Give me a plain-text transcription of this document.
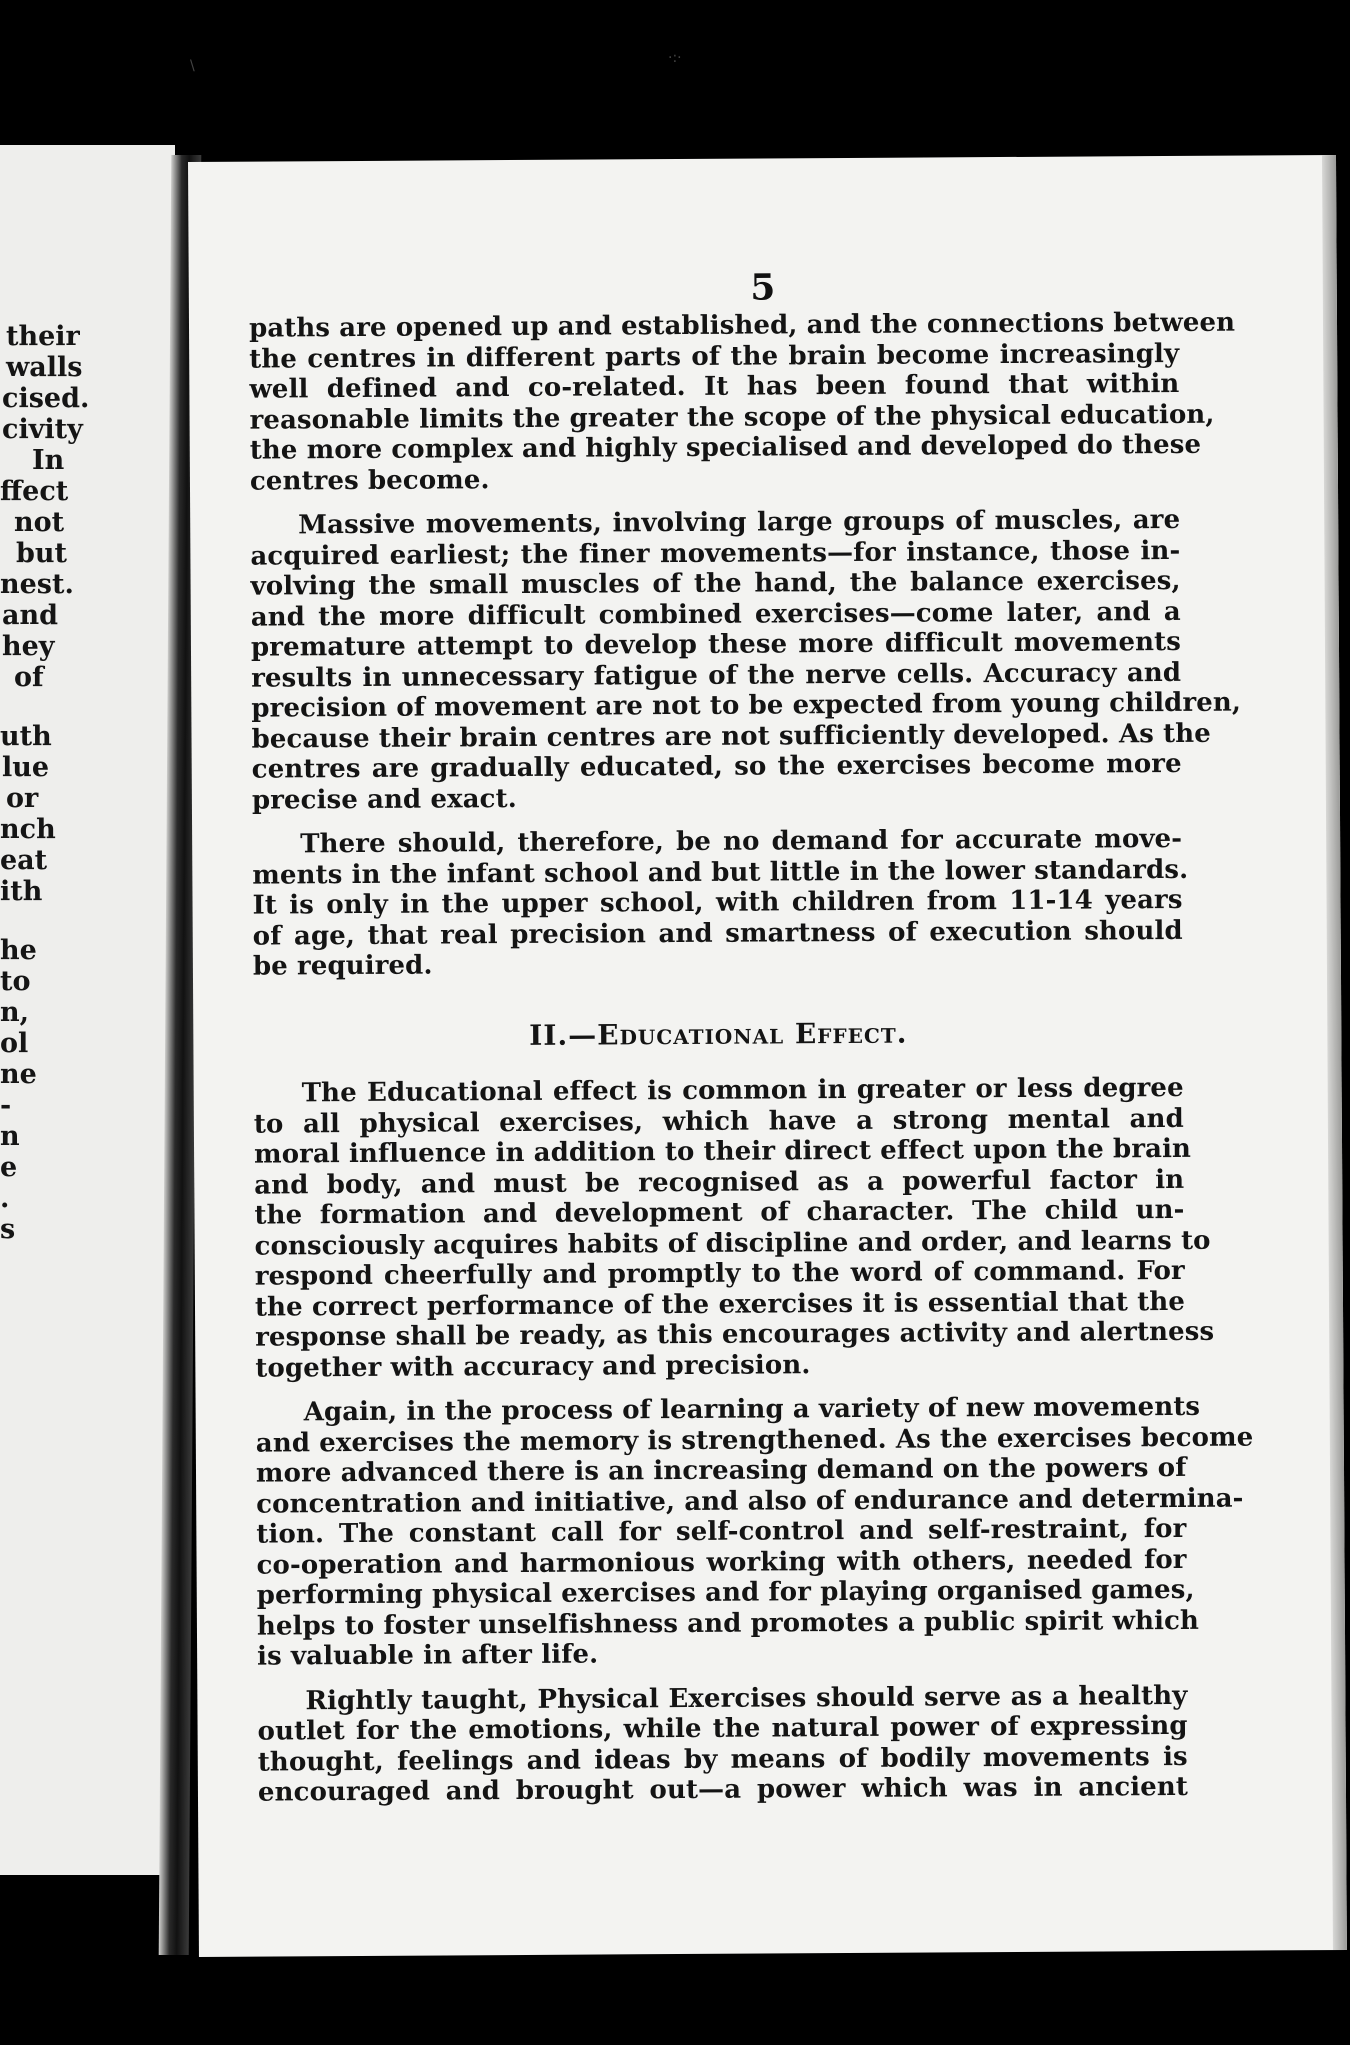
\	·:·
their
walls
cised.
civity
In
ffect
not
but
nest.
and
hey
of
uth
lue
or
nch
eat
ith
he
to
n,
ol
ne
-
n
e
.
s
5
paths are opened up and established, and the connections between
the centres in different parts of the brain become increasingly
well defined and co-related. It has been found that within
reasonable limits the greater the scope of the physical education,
the more complex and highly specialised and developed do these
centres become.
Massive movements, involving large groups of muscles, are
acquired earliest; the finer movements—for instance, those in-
volving the small muscles of the hand, the balance exercises,
and the more difficult combined exercises—come later, and a
premature attempt to develop these more difficult movements
results in unnecessary fatigue of the nerve cells. Accuracy and
precision of movement are not to be expected from young children,
because their brain centres are not sufficiently developed. As the
centres are gradually educated, so the exercises become more
precise and exact.
There should, therefore, be no demand for accurate move-
ments in the infant school and but little in the lower standards.
It is only in the upper school, with children from 11-14 years
of age, that real precision and smartness of execution should
be required.
II.—Educational Effect.
The Educational effect is common in greater or less degree
to all physical exercises, which have a strong mental and
moral influence in addition to their direct effect upon the brain
and body, and must be recognised as a powerful factor in
the formation and development of character. The child un-
consciously acquires habits of discipline and order, and learns to
respond cheerfully and promptly to the word of command. For
the correct performance of the exercises it is essential that the
response shall be ready, as this encourages activity and alertness
together with accuracy and precision.
Again, in the process of learning a variety of new movements
and exercises the memory is strengthened. As the exercises become
more advanced there is an increasing demand on the powers of
concentration and initiative, and also of endurance and determina-
tion. The constant call for self-control and self-restraint, for
co-operation and harmonious working with others, needed for
performing physical exercises and for playing organised games,
helps to foster unselfishness and promotes a public spirit which
is valuable in after life.
Rightly taught, Physical Exercises should serve as a healthy
outlet for the emotions, while the natural power of expressing
thought, feelings and ideas by means of bodily movements is
encouraged and brought out—a power which was in ancient
